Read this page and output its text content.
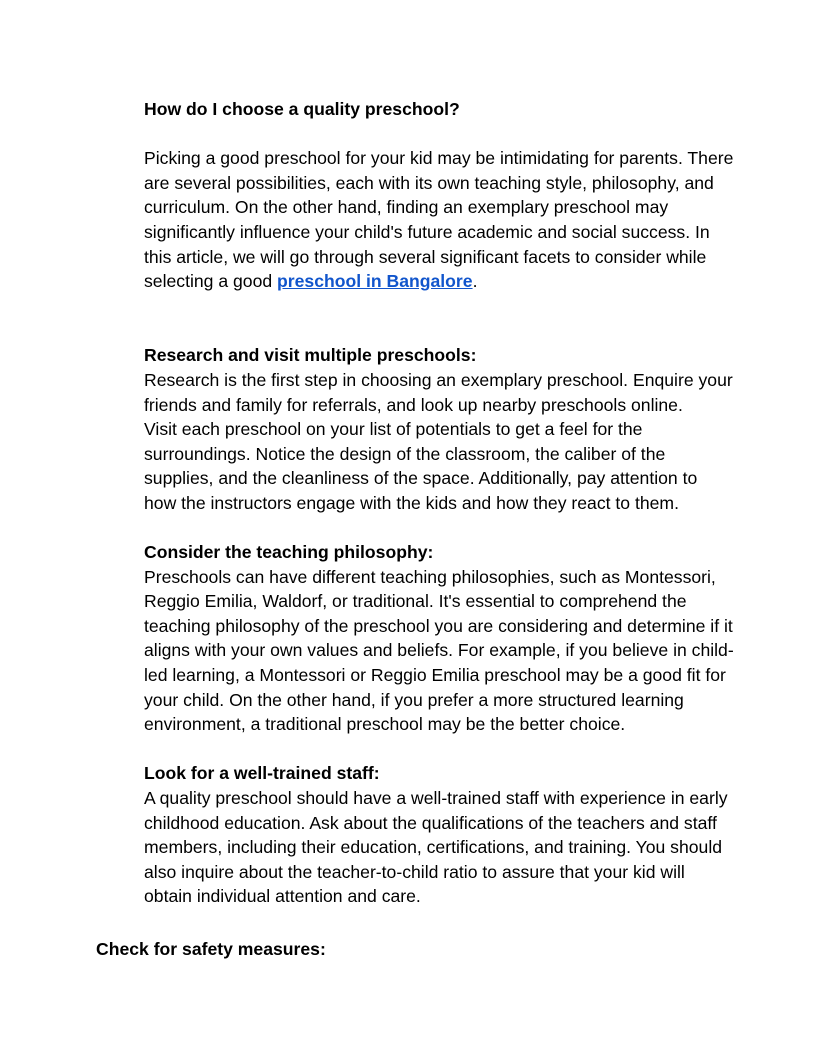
How do I choose a quality preschool?

Picking a good preschool for your kid may be intimidating for parents. There are several possibilities, each with its own teaching style, philosophy, and curriculum. On the other hand, finding an exemplary preschool may significantly influence your child's future academic and social success. In this article, we will go through several significant facets to consider while selecting a good preschool in Bangalore.

Research and visit multiple preschools:

Research is the first step in choosing an exemplary preschool. Enquire your friends and family for referrals, and look up nearby preschools online.

Visit each preschool on your list of potentials to get a feel for the surroundings. Notice the design of the classroom, the caliber of the supplies, and the cleanliness of the space. Additionally, pay attention to how the instructors engage with the kids and how they react to them.

Consider the teaching philosophy:

Preschools can have different teaching philosophies, such as Montessori,

Reggio Emilia, Waldorf, or traditional. It's essential to comprehend the teaching philosophy of the preschool you are considering and determine if it aligns with your own values and beliefs. For example, if you believe in child-led learning, a Montessori or Reggio Emilia preschool may be a good fit for your child. On the other hand, if you prefer a more structured learning environment, a traditional preschool may be the better choice.

Look for a well-trained staff:

A quality preschool should have a well-trained staff with experience in early childhood education. Ask about the qualifications of the teachers and staff members, including their education, certifications, and training. You should

also inquire about the teacher-to-child ratio to assure that your kid will obtain individual attention and care.

Check for safety measures:
